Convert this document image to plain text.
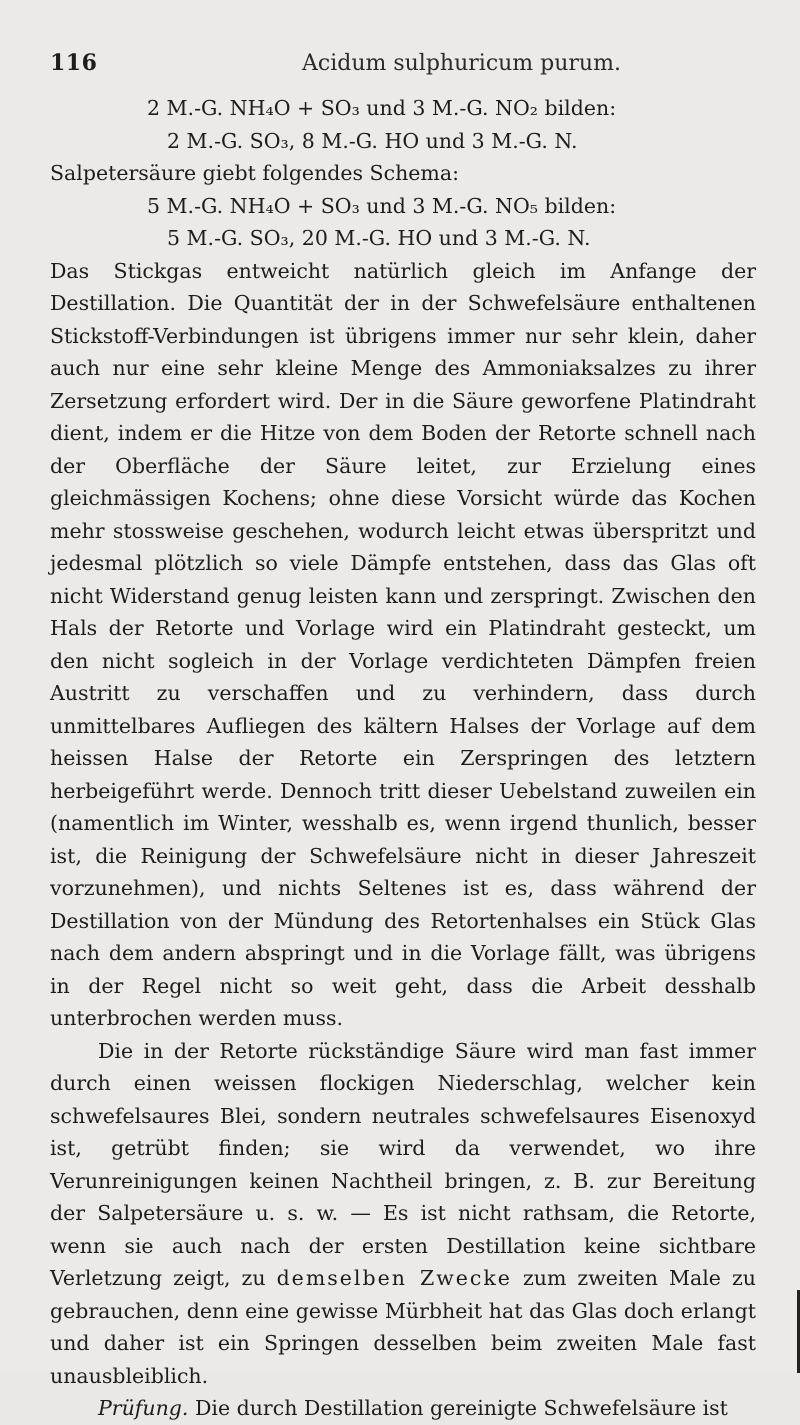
116	Acidum sulphuricum purum.
2 M.-G. NH₄O + SO₃ und 3 M.-G. NO₂ bilden:
2 M.-G. SO₃, 8 M.-G. HO und 3 M.-G. N.
Salpetersäure giebt folgendes Schema:
5 M.-G. NH₄O + SO₃ und 3 M.-G. NO₅ bilden:
5 M.-G. SO₃, 20 M.-G. HO und 3 M.-G. N.

Das Stickgas entweicht natürlich gleich im Anfange der Destillation. Die Quantität der in der Schwefelsäure enthaltenen Stickstoff-Verbindungen ist übrigens immer nur sehr klein, daher auch nur eine sehr kleine Menge des Ammoniaksalzes zu ihrer Zersetzung erfordert wird. Der in die Säure geworfene Platindraht dient, indem er die Hitze von dem Boden der Retorte schnell nach der Oberfläche der Säure leitet, zur Erzielung eines gleichmässigen Kochens; ohne diese Vorsicht würde das Kochen mehr stossweise geschehen, wodurch leicht etwas überspritzt und jedesmal plötzlich so viele Dämpfe entstehen, dass das Glas oft nicht Widerstand genug leisten kann und zerspringt. Zwischen den Hals der Retorte und Vorlage wird ein Platindraht gesteckt, um den nicht sogleich in der Vorlage verdichteten Dämpfen freien Austritt zu verschaffen und zu verhindern, dass durch unmittelbares Aufliegen des kältern Halses der Vorlage auf dem heissen Halse der Retorte ein Zerspringen des letztern herbeigeführt werde. Dennoch tritt dieser Uebelstand zuweilen ein (namentlich im Winter, wesshalb es, wenn irgend thunlich, besser ist, die Reinigung der Schwefelsäure nicht in dieser Jahreszeit vorzunehmen), und nichts Seltenes ist es, dass während der Destillation von der Mündung des Retortenhalses ein Stück Glas nach dem andern abspringt und in die Vorlage fällt, was übrigens in der Regel nicht so weit geht, dass die Arbeit desshalb unterbrochen werden muss.

Die in der Retorte rückständige Säure wird man fast immer durch einen weissen flockigen Niederschlag, welcher kein schwefelsaures Blei, sondern neutrales schwefelsaures Eisenoxyd ist, getrübt finden; sie wird da verwendet, wo ihre Verunreinigungen keinen Nachtheil bringen, z. B. zur Bereitung der Salpetersäure u. s. w. — Es ist nicht rathsam, die Retorte, wenn sie auch nach der ersten Destillation keine sichtbare Verletzung zeigt, zu demselben Zwecke zum zweiten Male zu gebrauchen, denn eine gewisse Mürbheit hat das Glas doch erlangt und daher ist ein Springen desselben beim zweiten Male fast unausbleiblich.

Prüfung. Die durch Destillation gereinigte Schwefelsäure ist
